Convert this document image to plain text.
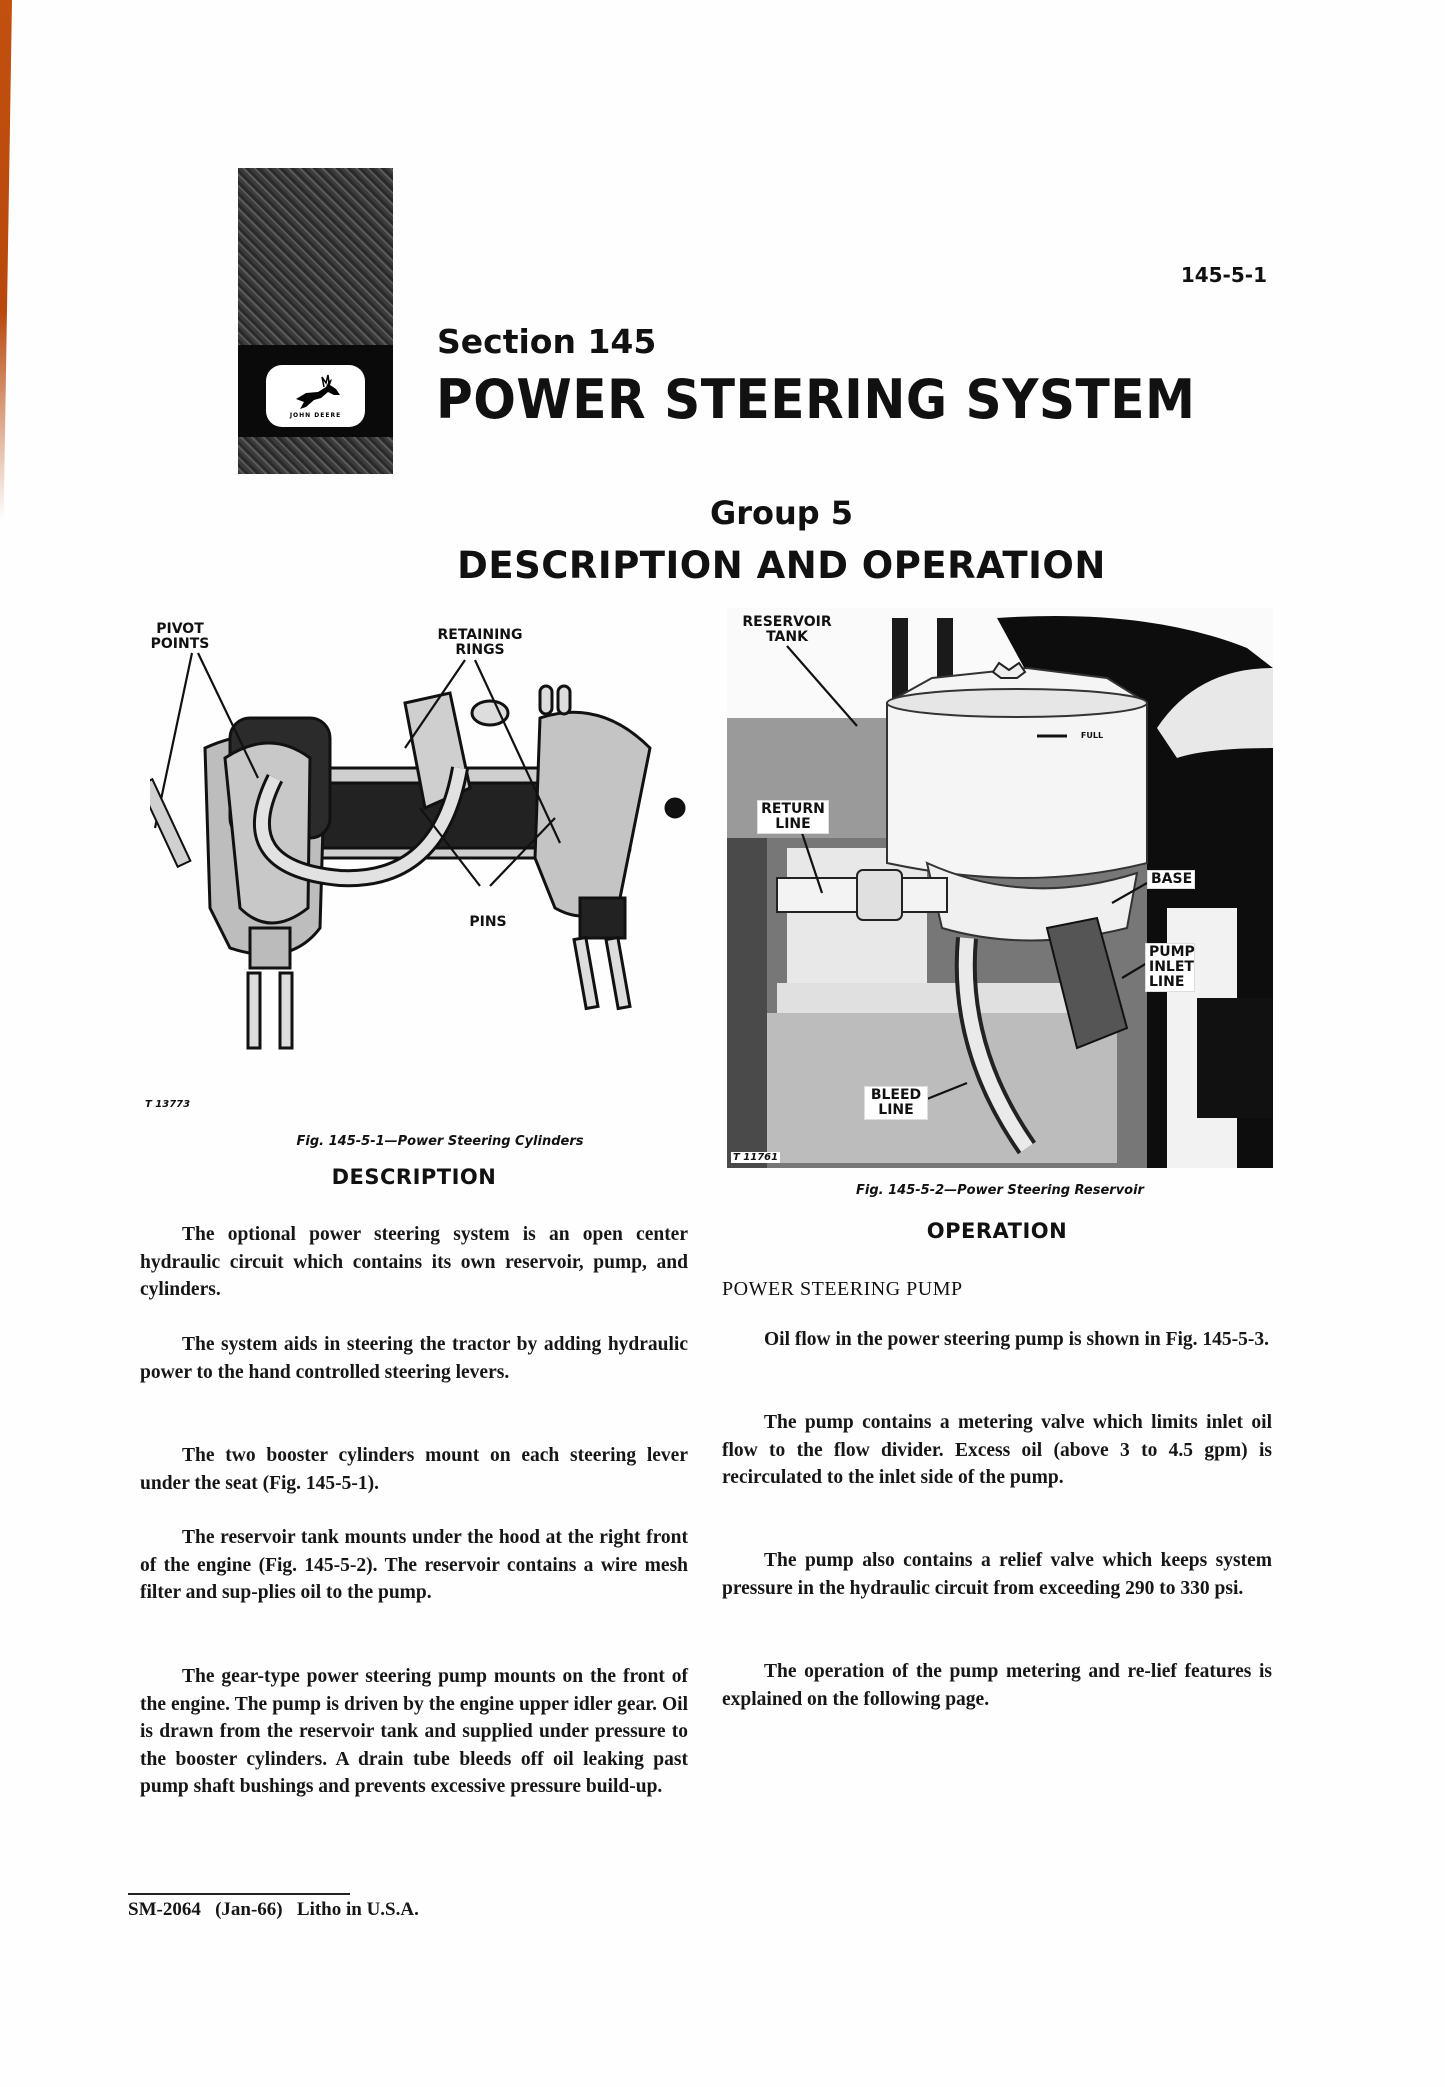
JOHN DEERE
145-5-1
Section 145
POWER STEERING SYSTEM
Group 5
DESCRIPTION AND OPERATION
PIVOT
POINTS
RETAINING
RINGS
PINS
T 13773
Fig. 145-5-1—Power Steering Cylinders
RESERVOIR
TANK
FULL
RETURN
LINE
BASE
PUMP
INLET
LINE
BLEED
LINE
T 11761
Fig. 145-5-2—Power Steering Reservoir
DESCRIPTION

The optional power steering system is an open center hydraulic circuit which contains its own reservoir, pump, and cylinders.

The system aids in steering the tractor by adding hydraulic power to the hand controlled steering levers.

The two booster cylinders mount on each steering lever under the seat (Fig. 145-5-1).

The reservoir tank mounts under the hood at the right front of the engine (Fig. 145-5-2). The reservoir contains a wire mesh filter and sup-plies oil to the pump.

The gear-type power steering pump mounts on the front of the engine. The pump is driven by the engine upper idler gear. Oil is drawn from the reservoir tank and supplied under pressure to the booster cylinders. A drain tube bleeds off oil leaking past pump shaft bushings and prevents excessive pressure build-up.

OPERATION
POWER STEERING PUMP

Oil flow in the power steering pump is shown in Fig. 145-5-3.

The pump contains a metering valve which limits inlet oil flow to the flow divider. Excess oil (above 3 to 4.5 gpm) is recirculated to the inlet side of the pump.

The pump also contains a relief valve which keeps system pressure in the hydraulic circuit from exceeding 290 to 330 psi.

The operation of the pump metering and re-lief features is explained on the following page.

SM-2064 (Jan-66) Litho in U.S.A.
